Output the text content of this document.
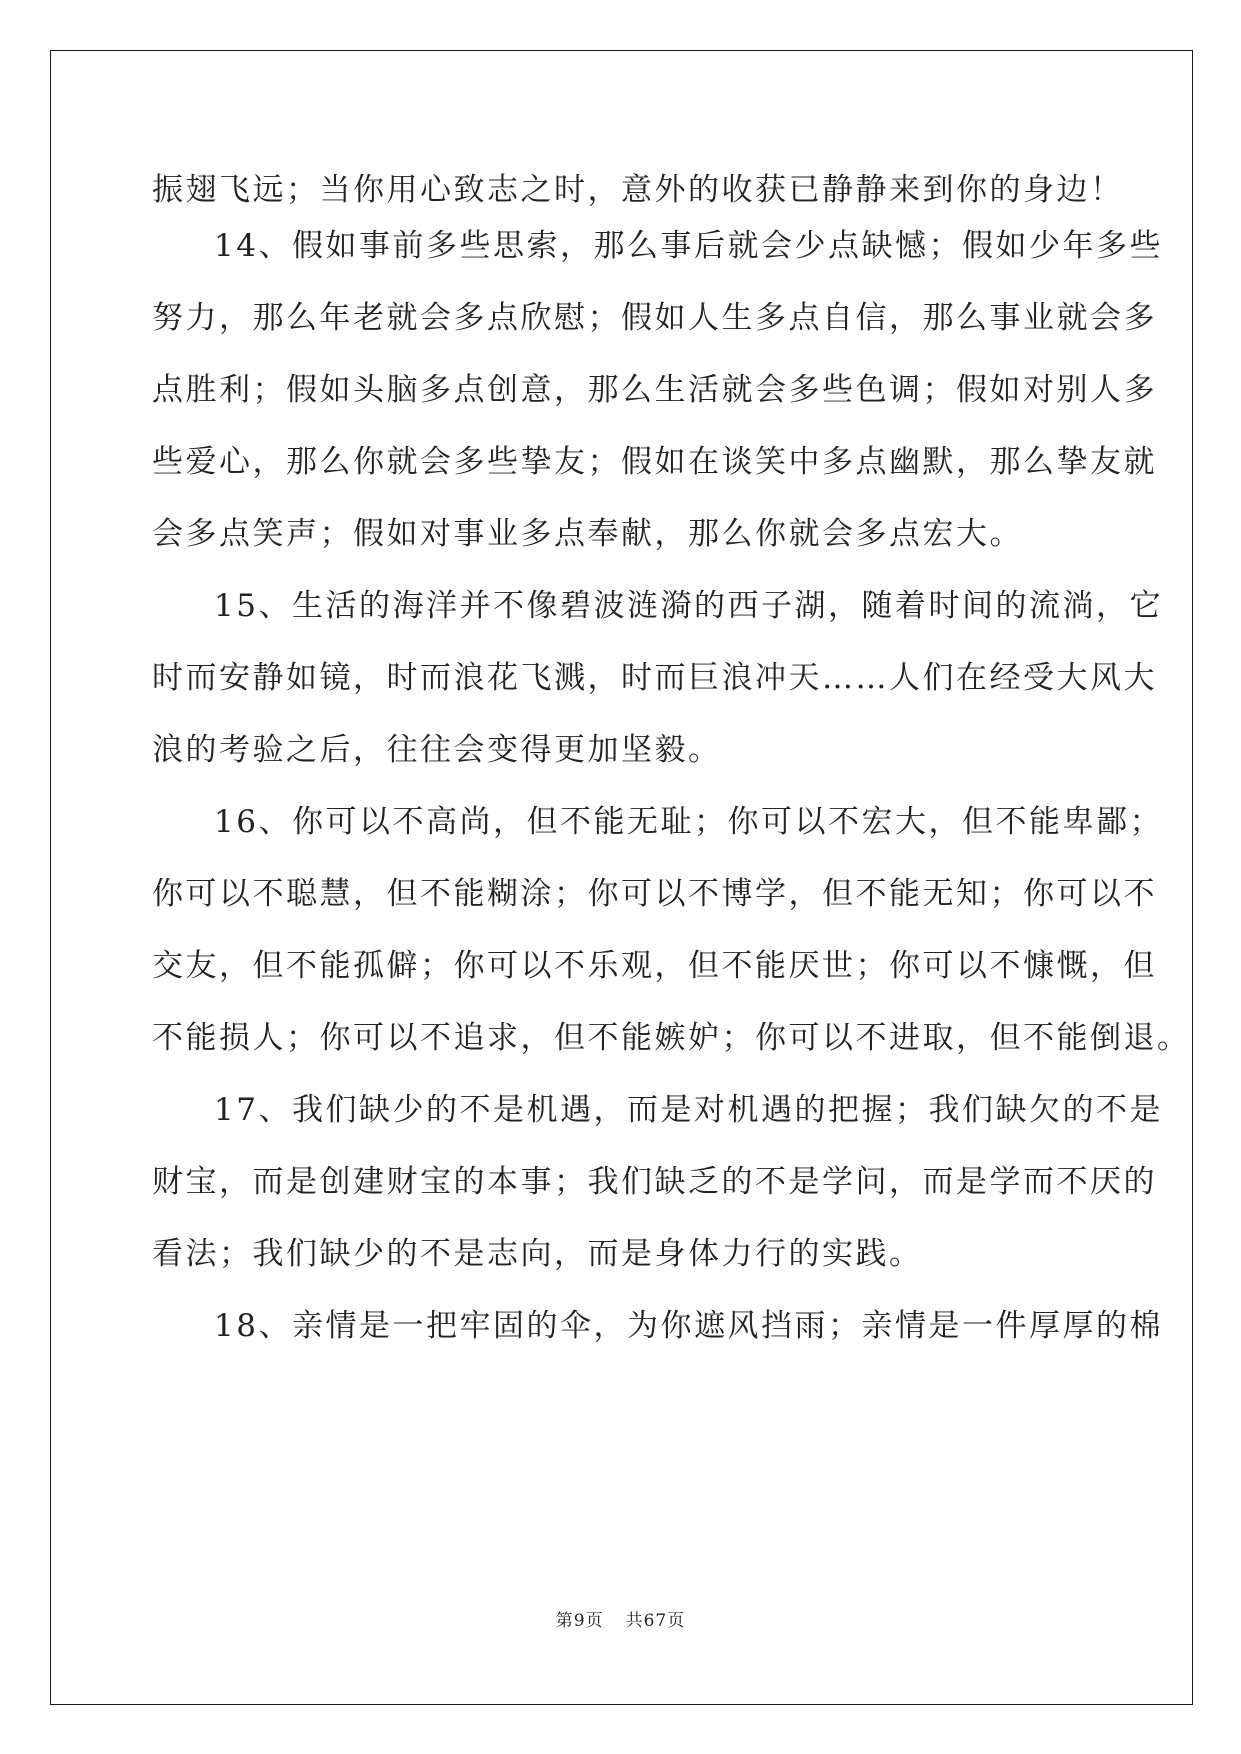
振翅飞远；当你用心致志之时，意外的收获已静静来到你的身边！
14、假如事前多些思索，那么事后就会少点缺憾；假如少年多些
努力，那么年老就会多点欣慰；假如人生多点自信，那么事业就会多
点胜利；假如头脑多点创意，那么生活就会多些色调；假如对别人多
些爱心，那么你就会多些挚友；假如在谈笑中多点幽默，那么挚友就
会多点笑声；假如对事业多点奉献，那么你就会多点宏大。
15、生活的海洋并不像碧波涟漪的西子湖，随着时间的流淌，它
时而安静如镜，时而浪花飞溅，时而巨浪冲天……人们在经受大风大
浪的考验之后，往往会变得更加坚毅。
16、你可以不高尚，但不能无耻；你可以不宏大，但不能卑鄙；
你可以不聪慧，但不能糊涂；你可以不博学，但不能无知；你可以不
交友，但不能孤僻；你可以不乐观，但不能厌世；你可以不慷慨，但
不能损人；你可以不追求，但不能嫉妒；你可以不进取，但不能倒退。
17、我们缺少的不是机遇，而是对机遇的把握；我们缺欠的不是
财宝，而是创建财宝的本事；我们缺乏的不是学问，而是学而不厌的
看法；我们缺少的不是志向，而是身体力行的实践。
18、亲情是一把牢固的伞，为你遮风挡雨；亲情是一件厚厚的棉
第9页 共67页
